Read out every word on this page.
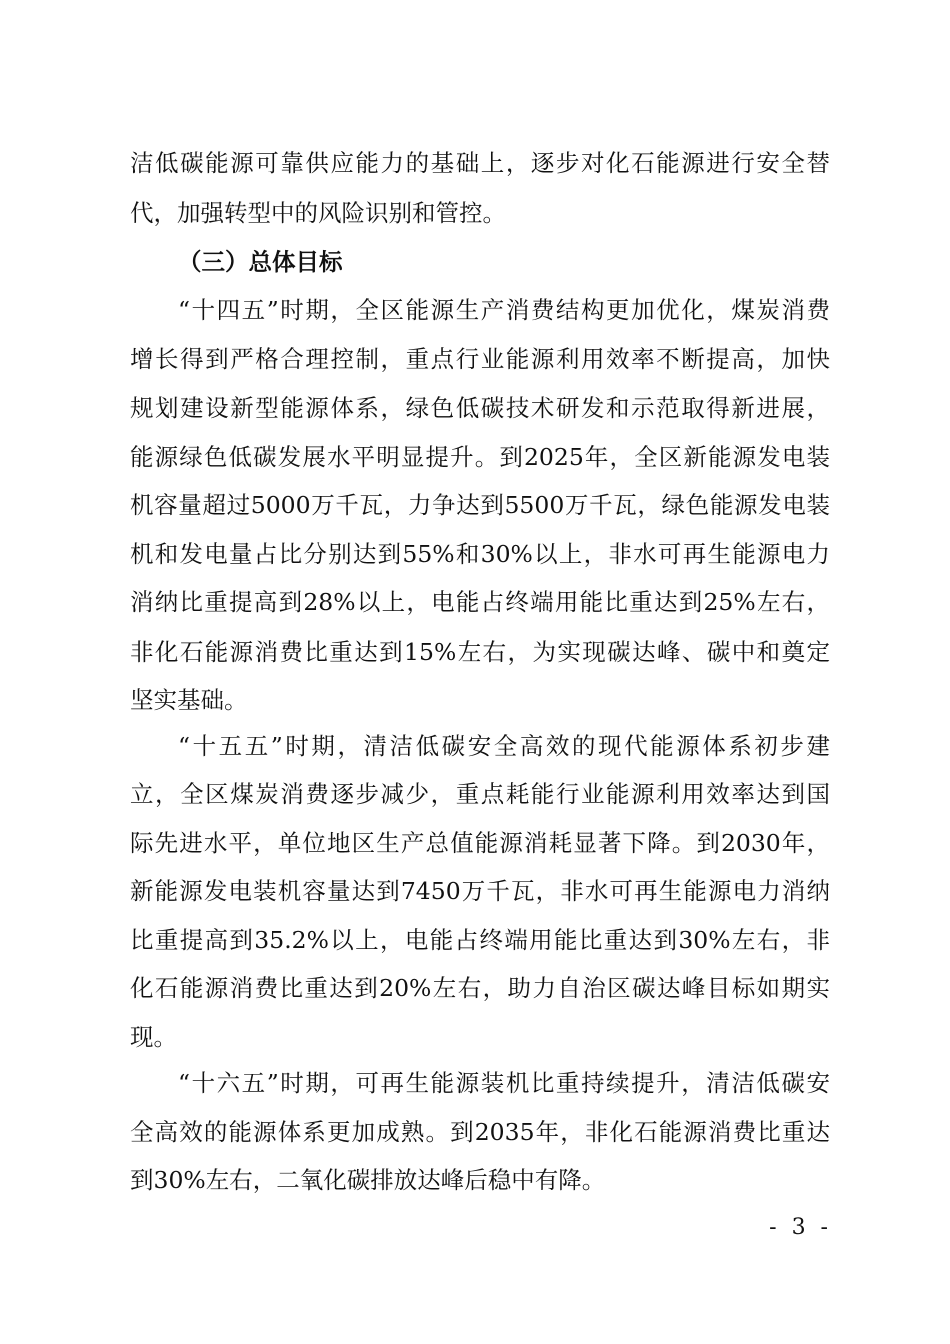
洁低碳能源可靠供应能力的基础上，逐步对化石能源进行安全替
代，加强转型中的风险识别和管控。
（三）总体目标
“十四五”时期，全区能源生产消费结构更加优化，煤炭消费
增长得到严格合理控制，重点行业能源利用效率不断提高，加快
规划建设新型能源体系，绿色低碳技术研发和示范取得新进展，
能源绿色低碳发展水平明显提升。到2025年，全区新能源发电装
机容量超过5000万千瓦，力争达到5500万千瓦，绿色能源发电装
机和发电量占比分别达到55%和30%以上，非水可再生能源电力
消纳比重提高到28%以上，电能占终端用能比重达到25%左右，
非化石能源消费比重达到15%左右，为实现碳达峰、碳中和奠定
坚实基础。
“十五五”时期，清洁低碳安全高效的现代能源体系初步建
立，全区煤炭消费逐步减少，重点耗能行业能源利用效率达到国
际先进水平，单位地区生产总值能源消耗显著下降。到2030年，
新能源发电装机容量达到7450万千瓦，非水可再生能源电力消纳
比重提高到35.2%以上，电能占终端用能比重达到30%左右，非
化石能源消费比重达到20%左右，助力自治区碳达峰目标如期实
现。
“十六五”时期，可再生能源装机比重持续提升，清洁低碳安
全高效的能源体系更加成熟。到2035年，非化石能源消费比重达
到30%左右，二氧化碳排放达峰后稳中有降。
- 3 -
